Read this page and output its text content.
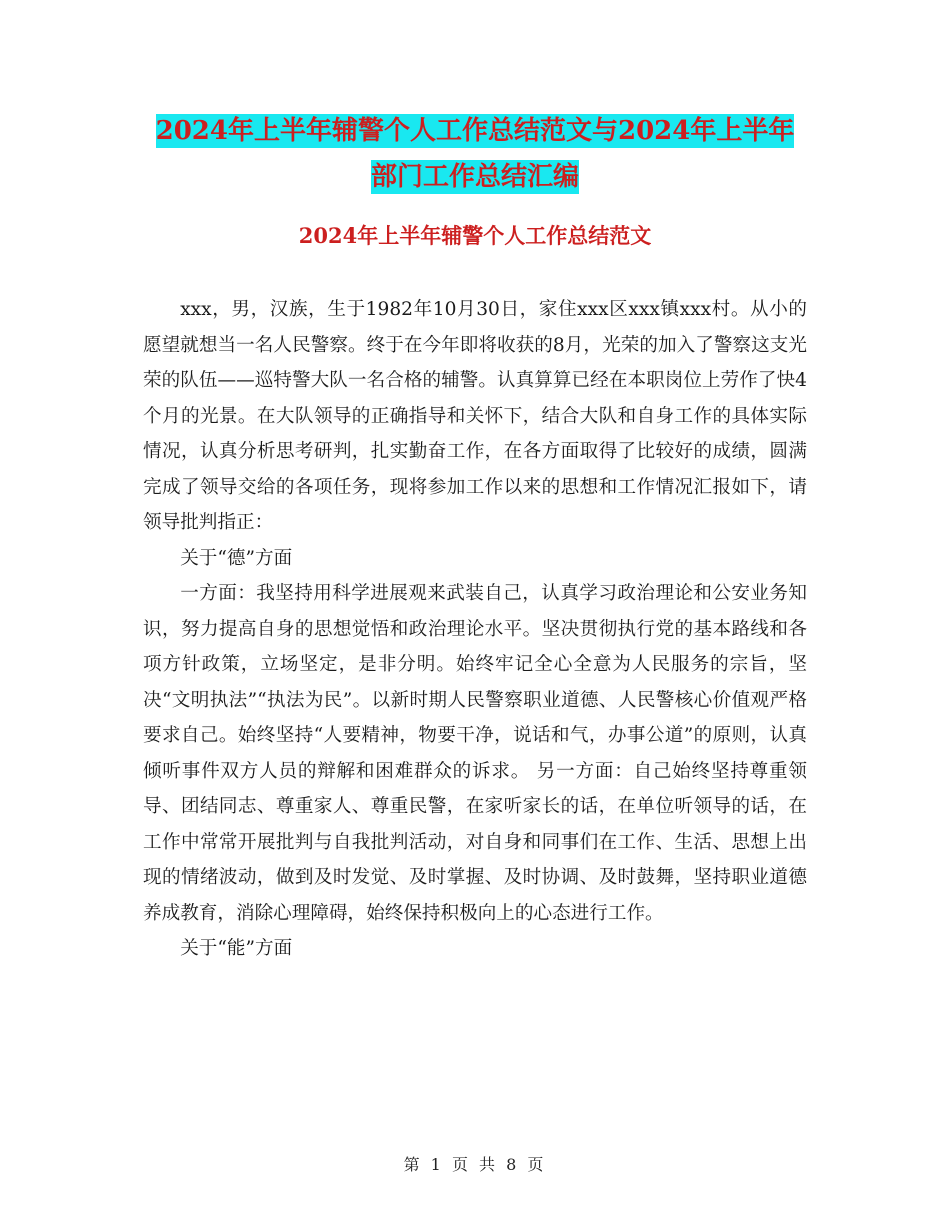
2024年上半年辅警个人工作总结范文与2024年上半年
部门工作总结汇编
2024年上半年辅警个人工作总结范文

xxx，男，汉族，生于1982年10月30日，家住xxx区xxx镇xxx村。从小的愿望就想当一名人民警察。终于在今年即将收获的8月，光荣的加入了警察这支光荣的队伍——巡特警大队一名合格的辅警。认真算算已经在本职岗位上劳作了快4个月的光景。在大队领导的正确指导和关怀下，结合大队和自身工作的具体实际情况，认真分析思考研判，扎实勤奋工作，在各方面取得了比较好的成绩，圆满完成了领导交给的各项任务，现将参加工作以来的思想和工作情况汇报如下，请领导批判指正：

关于“德”方面

一方面：我坚持用科学进展观来武装自己，认真学习政治理论和公安业务知识，努力提高自身的思想觉悟和政治理论水平。坚决贯彻执行党的基本路线和各项方针政策，立场坚定，是非分明。始终牢记全心全意为人民服务的宗旨，坚决“文明执法”“执法为民”。以新时期人民警察职业道德、人民警核心价值观严格要求自己。始终坚持“人要精神，物要干净，说话和气，办事公道”的原则，认真倾听事件双方人员的辩解和困难群众的诉求。 另一方面：自己始终坚持尊重领导、团结同志、尊重家人、尊重民警，在家听家长的话，在单位听领导的话，在工作中常常开展批判与自我批判活动，对自身和同事们在工作、生活、思想上出现的情绪波动，做到及时发觉、及时掌握、及时协调、及时鼓舞，坚持职业道德养成教育，消除心理障碍，始终保持积极向上的心态进行工作。

关于“能”方面

第 1 页 共 8 页
